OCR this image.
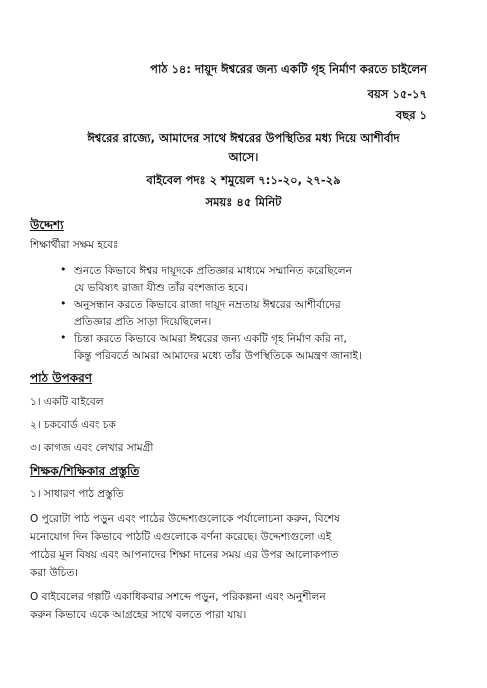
পাঠ ১৪: দায়ূদ ঈশ্বরের জন্য একটি গৃহ নির্মাণ করতে চাইলেন
বয়স ১৫-১৭
বছর ১
ঈশ্বরের রাজ্যে, আমাদের সাথে ঈশ্বরের উপস্থিতির মধ্য দিয়ে আশীর্বাদ
আসে।
বাইবেল পদঃ ২ শমুয়েল ৭:১-২০, ২৭-২৯
সময়ঃ ৪৫ মিনিট
উদ্দেশ্য
শিক্ষার্থীরা সক্ষম হবেঃ
• শুনতে কিভাবে ঈশ্বর দায়ূদকে প্রতিজ্ঞার মাধ্যমে সম্মানিত করেছিলেন
যে ভবিষ্যৎ রাজা যীশু তাঁর বংশজাত হবে।
• অনুসন্ধান করতে কিভাবে রাজা দায়ূদ নম্রতায় ঈশ্বরের আশীর্বাদের
প্রতিজ্ঞার প্রতি সাড়া দিয়েছিলেন।
• চিন্তা করতে কিভাবে আমরা ঈশ্বরের জন্য একটি গৃহ নির্মাণ করি না,
কিন্তু পরিবর্তে আমরা আমাদের মধ্যে তাঁর উপস্থিতিকে আমন্ত্রণ জানাই।
পাঠ উপকরণ
১। একটি বাইবেল
২। চকবোর্ড এবং চক
৩। কাগজ এবং লেখার সামগ্রী
শিক্ষক/শিক্ষিকার প্রস্তুতি
১। সাধারণ পাঠ প্রস্তুতি
O পুরোটা পাঠ পড়ুন এবং পাঠের উদ্দেশ্যগুলোকে পর্যালোচনা করুন, বিশেষ
মনোযোগ দিন কিভাবে পাঠটি এগুলোকে বর্ণনা করেছে। উদ্দেশ্যগুলো এই
পাঠের মূল বিষয় এবং আপনাদের শিক্ষা দানের সময় এর উপর আলোকপাত
করা উচিত।
O বাইবেলের গল্পটি একাধিকবার সশব্দে পড়ুন, পরিকল্পনা এবং অনুশীলন
করুন কিভাবে একে আগ্রহের সাথে বলতে পারা যায়।
